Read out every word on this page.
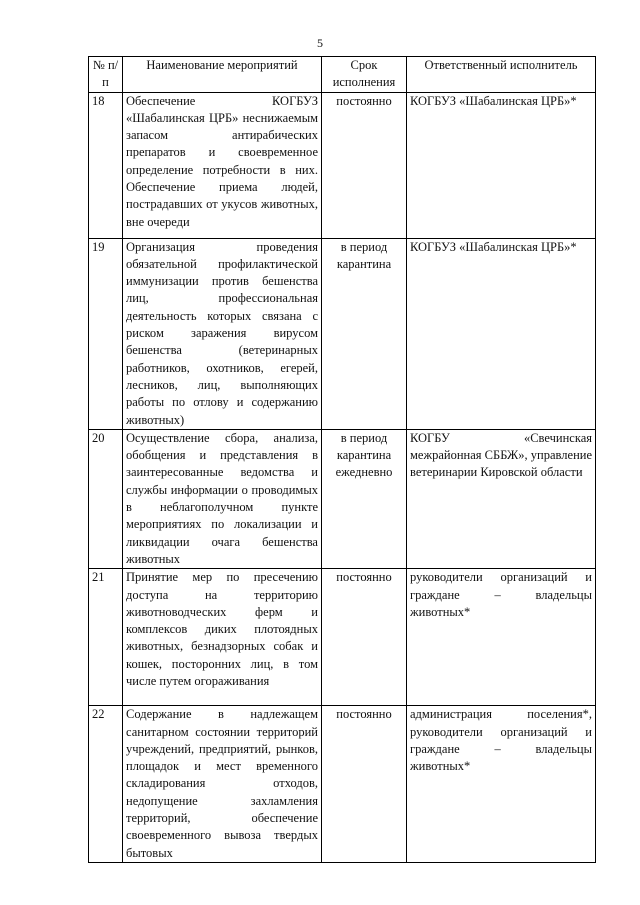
5
№ п/п	Наименование мероприятий	Срок исполнения	Ответственный исполнитель
18	Обеспечение КОГБУЗ «Шабалинская ЦРБ» неснижаемым запасом антирабических препаратов и своевременное определение потребности в них. Обеспечение приема людей, пострадавших от укусов животных, вне очереди	постоянно	КОГБУЗ «Шабалинская ЦРБ»*
19	Организация проведения обязательной профилактической иммунизации против бешенства лиц, профессиональная деятельность которых связана с риском заражения вирусом бешенства (ветеринарных работников, охотников, егерей, лесников, лиц, выполняющих работы по отлову и содержанию животных)	в период карантина	КОГБУЗ «Шабалинская ЦРБ»*
20	Осуществление сбора, анализа, обобщения и представления в заинтересованные ведомства и службы информации о проводимых в неблагополучном пункте мероприятиях по локализации и ликвидации очага бешенства животных	в период карантина ежедневно	КОГБУ «Свечинская межрайонная СББЖ», управление ветеринарии Кировской области
21	Принятие мер по пресечению доступа на территорию животноводческих ферм и комплексов диких плотоядных животных, безнадзорных собак и кошек, посторонних лиц, в том числе путем огораживания	постоянно	руководители организаций и граждане – владельцы животных*
22	Содержание в надлежащем санитарном состоянии территорий учреждений, предприятий, рынков, площадок и мест временного складирования отходов, недопущение захламления территорий, обеспечение своевременного вывоза твердых бытовых	постоянно	администрация поселения*, руководители организаций и граждане – владельцы животных*
